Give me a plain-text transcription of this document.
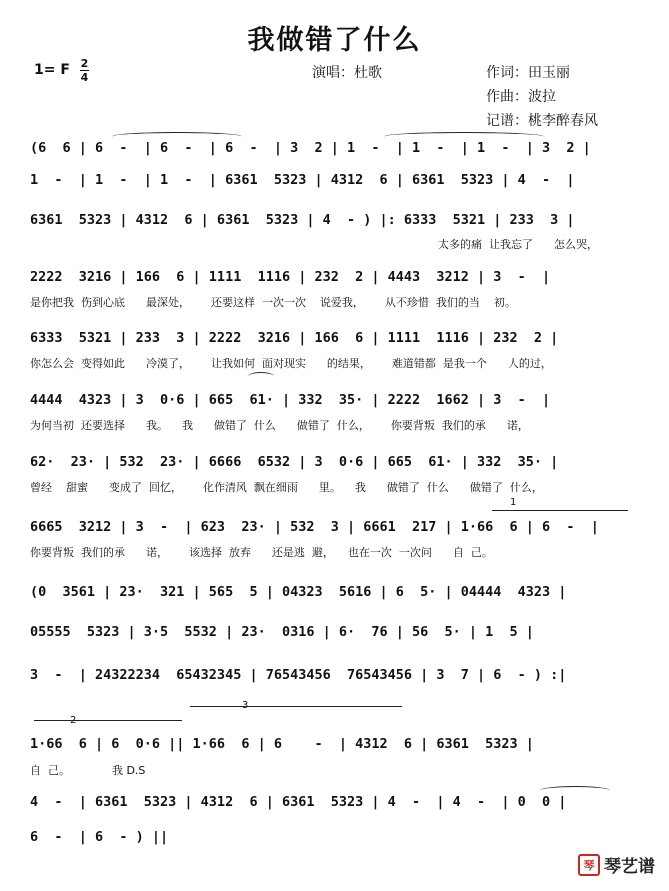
我做错了什么
1= F 2
4	演唱：杜歌	作词：田玉丽
作曲：波拉
记谱：桃李醉春风
(6  6 | 6  -  | 6  -  | 6  -  | 3  2 | 1  -  | 1  -  | 1  -  | 3  2 |
1  -  | 1  -  | 1  -  | 6361  5323 | 4312  6 | 6361  5323 | 4  -  |
6361  5323 | 4312  6 | 6361  5323 | 4  - ) |: 6333  5321 | 233  3 |
太多的痛  让我忘了      怎么哭，
2222  3216 | 166  6 | 1111  1116 | 232  2 | 4443  3212 | 3  -  |
是你把我  伤到心底      最深处，      还要这样  一次一次    说爱我，      从不珍惜  我们的当    初。
6333  5321 | 233  3 | 2222  3216 | 166  6 | 1111  1116 | 232  2 |
你怎么会  变得如此      冷漠了，      让我如何  面对现实      的结果，      难道错都  是我一个      人的过，
4444  4323 | 3  0·6 | 665  61· | 332  35· | 2222  1662 | 3  -  |
为何当初  还要选择      我。    我      做错了  什么      做错了  什么，      你要背叛  我们的承      诺，
62·  23· | 532  23· | 6666  6532 | 3  0·6 | 665  61· | 332  35· |
曾经    甜蜜      变成了  回忆，      化作清风  飘在细雨      里。    我      做错了  什么      做错了  什么，
1
6665  3212 | 3  -  | 623  23· | 532  3 | 6661  217 | 1·66  6 | 6  -  |
你要背叛  我们的承      诺，      该选择  放弃      还是逃  避，    也在一次  一次问      自  己。
(0  3561 | 23·  321 | 565  5 | 04323  5616 | 6  5· | 04444  4323 |
05555  5323 | 3·5  5532 | 23·  0316 | 6·  76 | 56  5· | 1  5 |
3  -  | 24322234  65432345 | 76543456  76543456 | 3  7 | 6  - ) :|
1·66  6 | 6  0·6 || 1·66  6 | 6    -  | 4312  6 | 6361  5323 |
自  己。            我 D.S
4  -  | 6361  5323 | 4312  6 | 6361  5323 | 4  -  | 4  -  | 0  0 |
6  -  | 6  - ) ||
琴 琴艺谱
